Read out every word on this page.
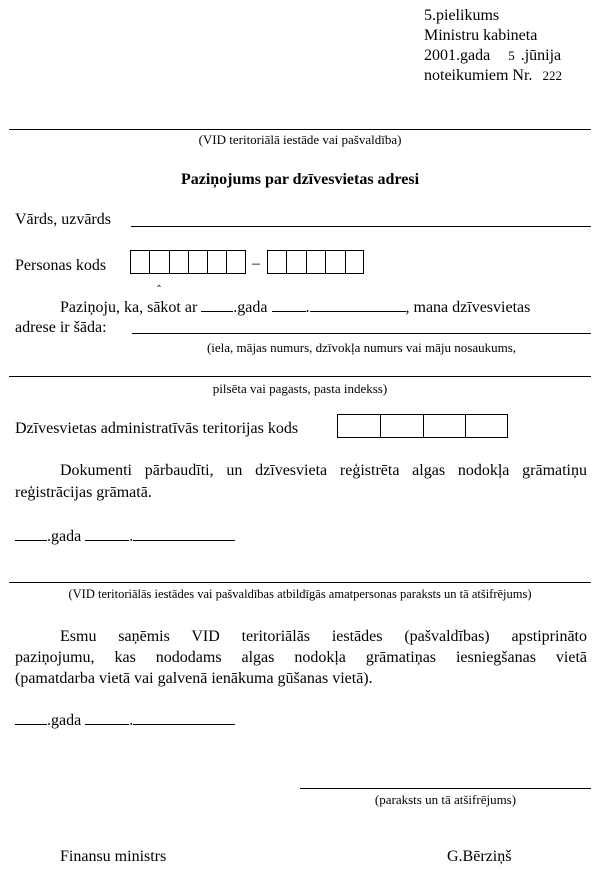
5.pielikums
Ministru kabineta
2001.gada 5 .jūnija
noteikumiem Nr. 222
(VID teritoriālā iestāde vai pašvaldība)
Paziņojums par dzīvesvietas adresi
Vārds, uzvārds
Personas kods	–
‸
Paziņoju, ka, sākot ar .gada .	, mana dzīvesvietas
adrese ir šāda:
(iela, mājas numurs, dzīvokļa numurs vai māju nosaukums,
pilsēta vai pagasts, pasta indekss)
Dzīvesvietas administratīvās teritorijas kods
Dokumenti pārbaudīti, un dzīvesvieta reģistrēta algas nodokļa grāmatiņu
reģistrācijas grāmatā.
.gada	.
(VID teritoriālās iestādes vai pašvaldības atbildīgās amatpersonas paraksts un tā atšifrējums)
Esmu saņēmis VID teritoriālās iestādes (pašvaldības) apstiprināto
paziņojumu, kas nododams algas nodokļa grāmatiņas iesniegšanas vietā
(pamatdarba vietā vai galvenā ienākuma gūšanas vietā).
.gada	.
(paraksts un tā atšifrējums)
Finansu ministrs	G.Bērziņš
